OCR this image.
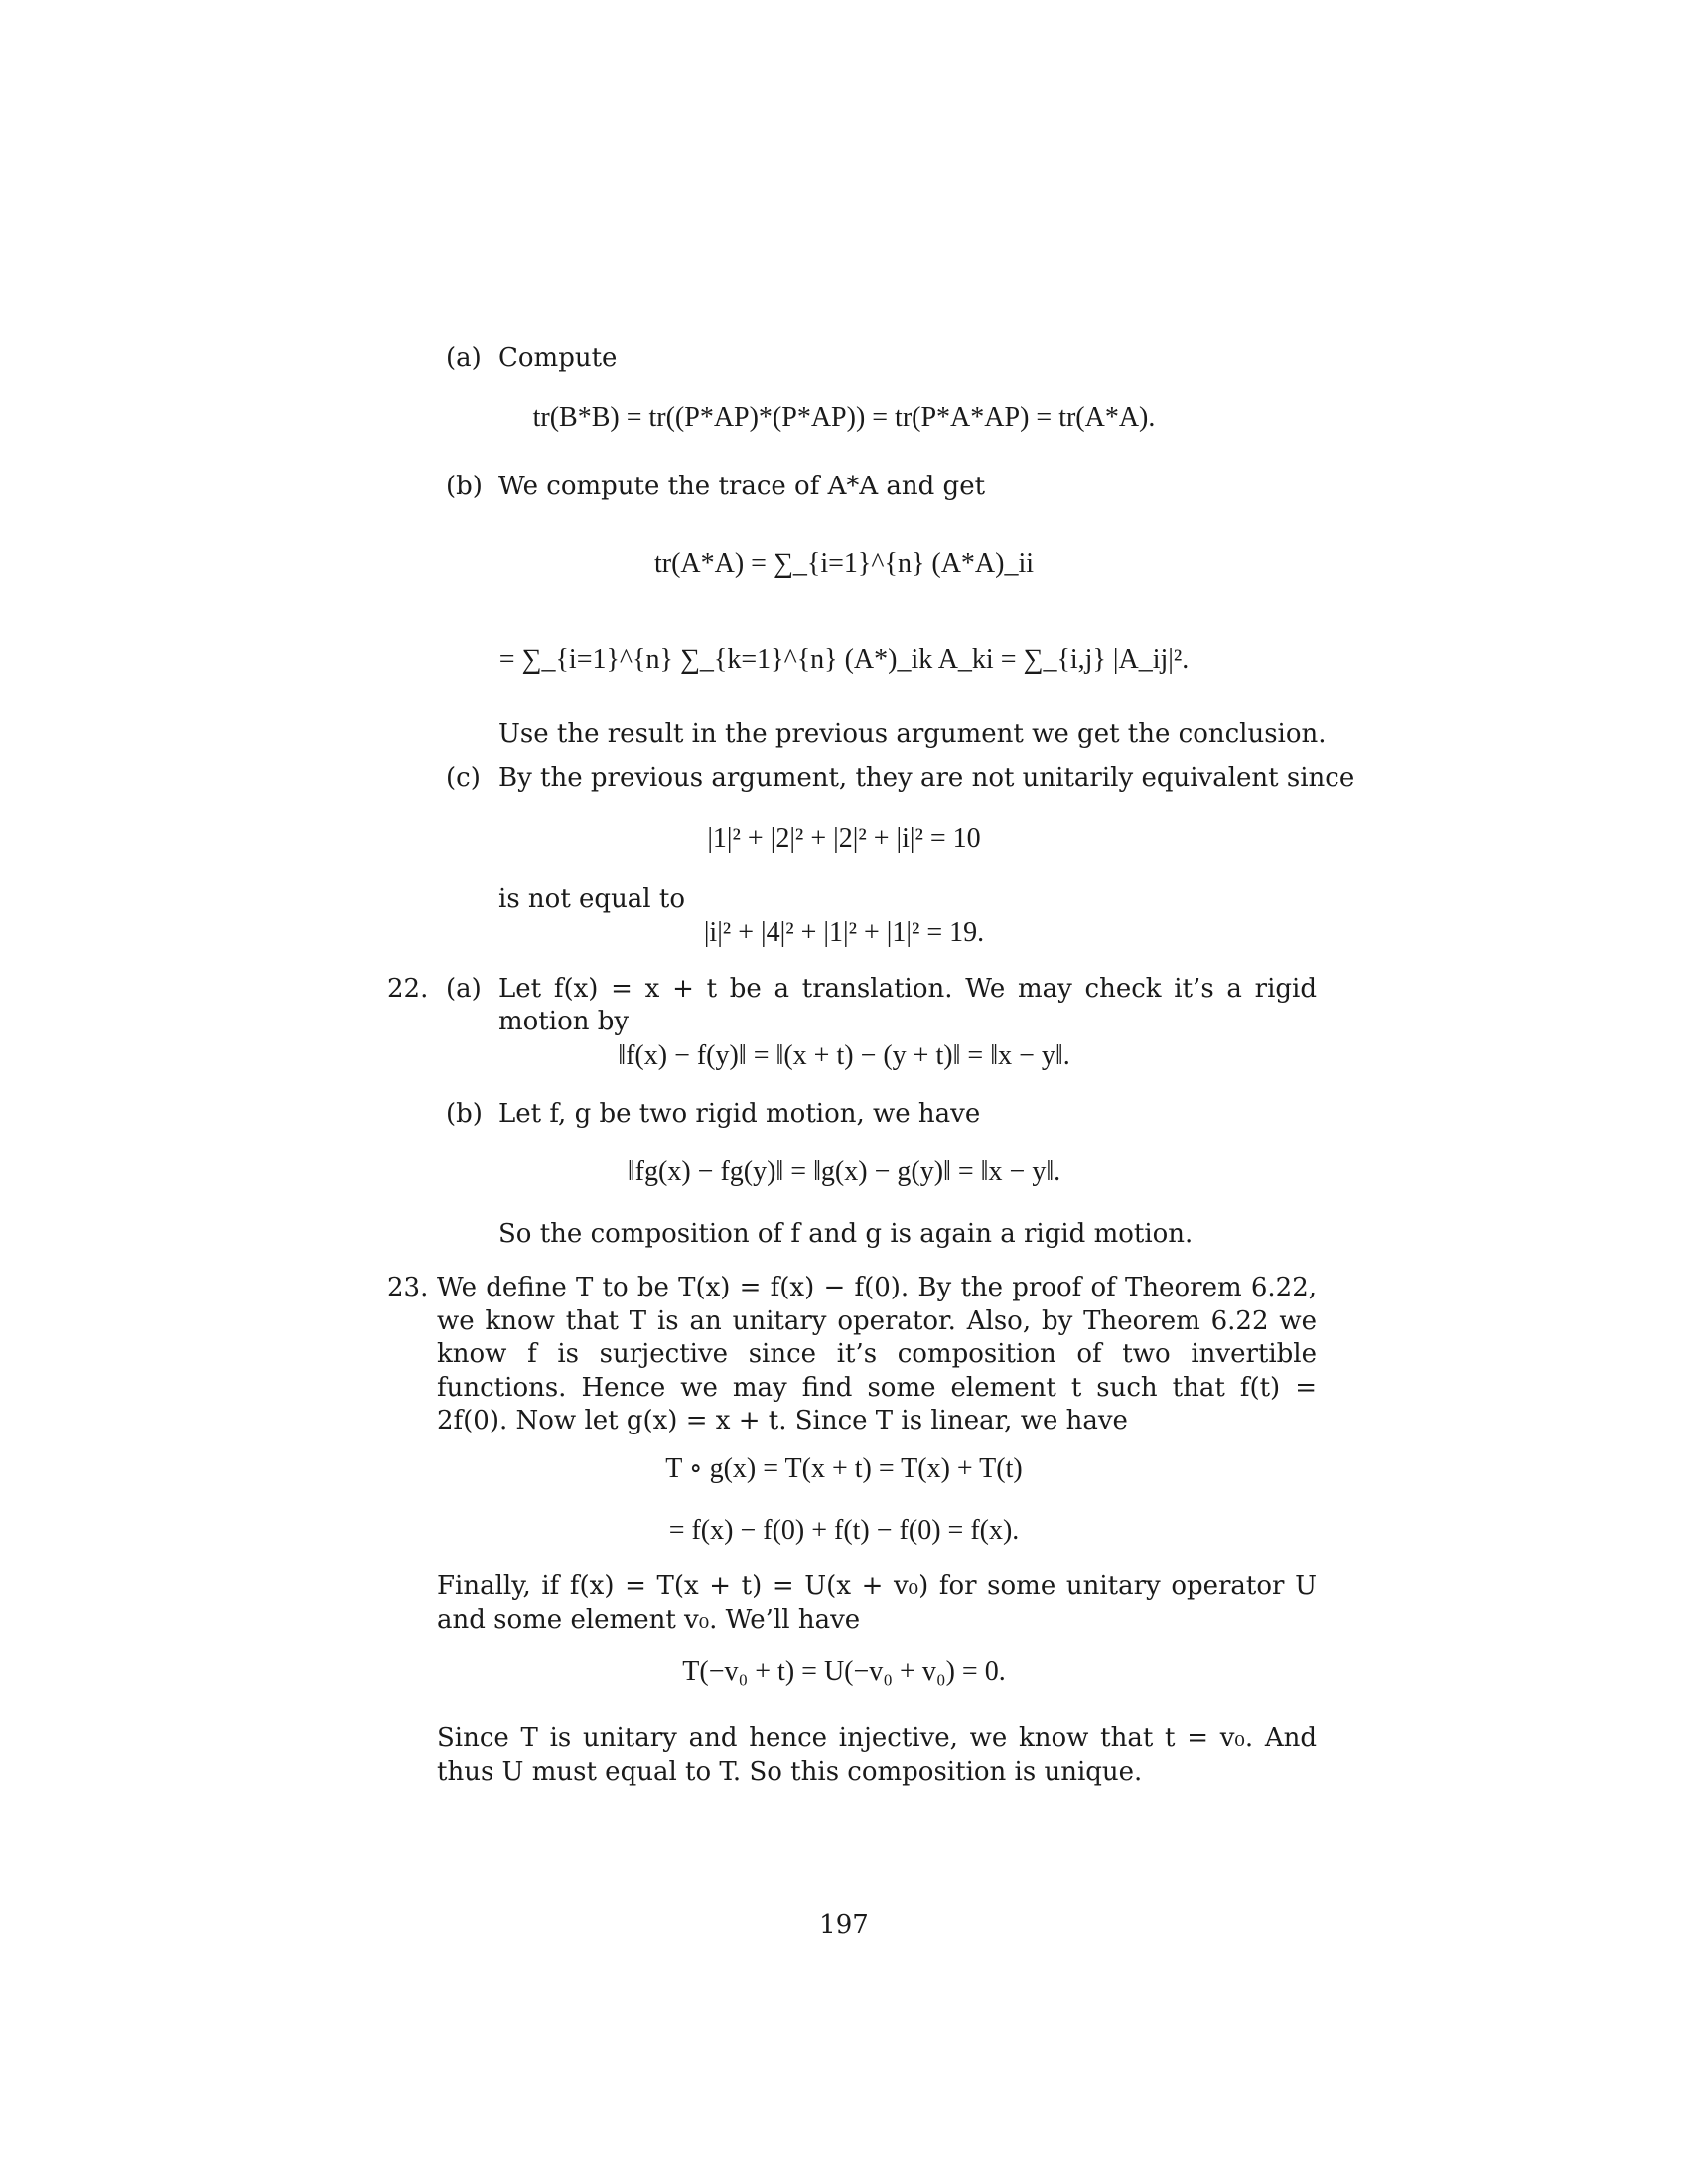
(a) Compute
tr(B*B) = tr((P*AP)*(P*AP)) = tr(P*A*AP) = tr(A*A).
(b) We compute the trace of A*A and get
tr(A*A) = ∑_{i=1}^{n} (A*A)_ii
= ∑_{i=1}^{n} ∑_{k=1}^{n} (A*)_ik A_ki = ∑_{i,j} |A_ij|².
Use the result in the previous argument we get the conclusion.
(c) By the previous argument, they are not unitarily equivalent since
|1|² + |2|² + |2|² + |i|² = 10
is not equal to
|i|² + |4|² + |1|² + |1|² = 19.
22. (a) Let f(x) = x + t be a translation. We may check it’s a rigid motion by
‖f(x) − f(y)‖ = ‖(x + t) − (y + t)‖ = ‖x − y‖.
(b) Let f, g be two rigid motion, we have
‖fg(x) − fg(y)‖ = ‖g(x) − g(y)‖ = ‖x − y‖.
So the composition of f and g is again a rigid motion.
23. We define T to be T(x) = f(x) − f(0). By the proof of Theorem 6.22, we know that T is an unitary operator. Also, by Theorem 6.22 we know f is surjective since it’s composition of two invertible functions. Hence we may find some element t such that f(t) = 2f(0). Now let g(x) = x + t. Since T is linear, we have
T ∘ g(x) = T(x + t) = T(x) + T(t)
= f(x) − f(0) + f(t) − f(0) = f(x).
Finally, if f(x) = T(x + t) = U(x + v₀) for some unitary operator U and some element v₀. We’ll have
T(−v₀ + t) = U(−v₀ + v₀) = 0.
Since T is unitary and hence injective, we know that t = v₀. And thus U must equal to T. So this composition is unique.
197
